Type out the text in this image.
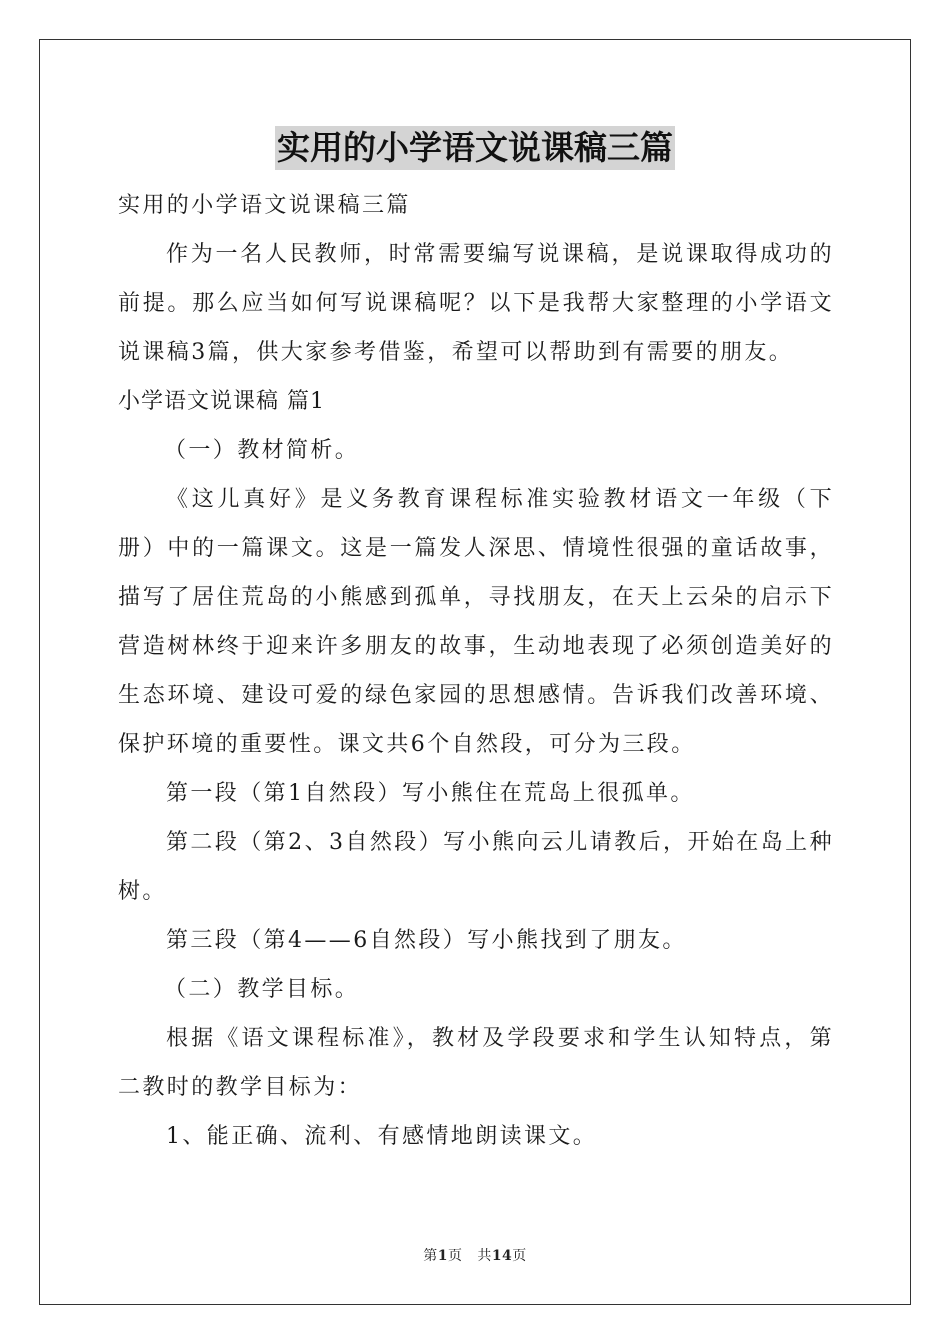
实用的小学语文说课稿三篇

实用的小学语文说课稿三篇

作为一名人民教师，时常需要编写说课稿，是说课取得成功的前提。那么应当如何写说课稿呢？以下是我帮大家整理的小学语文说课稿3篇，供大家参考借鉴，希望可以帮助到有需要的朋友。

小学语文说课稿 篇1

（一）教材简析。

《这儿真好》是义务教育课程标准实验教材语文一年级（下册）中的一篇课文。这是一篇发人深思、情境性很强的童话故事，描写了居住荒岛的小熊感到孤单，寻找朋友，在天上云朵的启示下营造树林终于迎来许多朋友的故事，生动地表现了必须创造美好的生态环境、建设可爱的绿色家园的思想感情。告诉我们改善环境、保护环境的重要性。课文共6个自然段，可分为三段。

第一段（第1自然段）写小熊住在荒岛上很孤单。

第二段（第2、3自然段）写小熊向云儿请教后，开始在岛上种树。

第三段（第4——6自然段）写小熊找到了朋友。

（二）教学目标。

根据《语文课程标准》，教材及学段要求和学生认知特点，第二教时的教学目标为：

1、能正确、流利、有感情地朗读课文。

第1页 共14页
